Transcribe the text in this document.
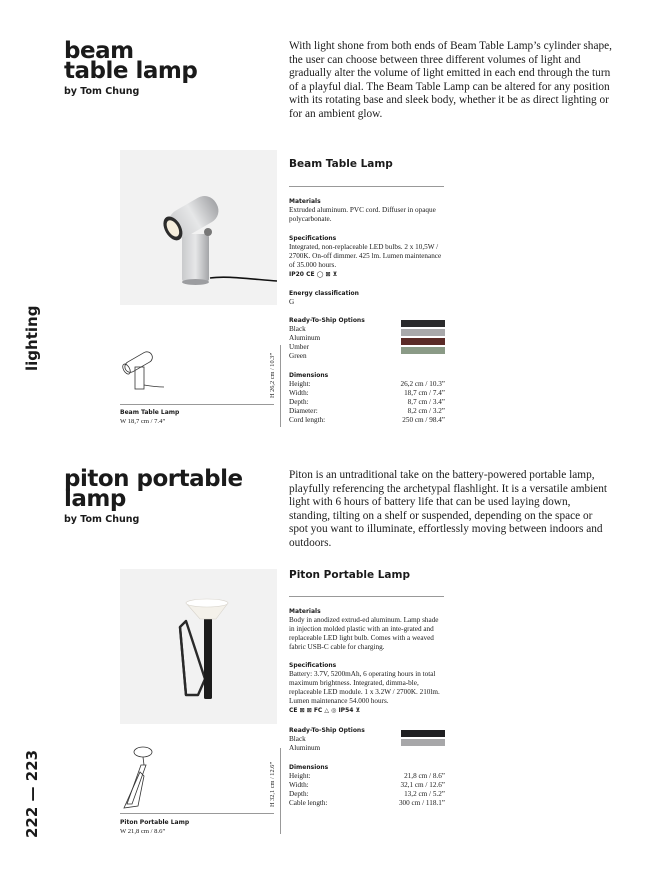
lighting
222 — 223
beam
table lamp
by Tom Chung

With light shone from both ends of Beam Table Lamp’s cylinder shape, the user can choose between three different volumes of light and gradually alter the volume of light emitted in each end through the turn of a playful dial. The Beam Table Lamp can be altered for any position with its rotating base and sleek body, whether it be as direct lighting or for an ambient glow.

H 26,2 cm / 10.3”
Beam Table Lamp
W 18,7 cm / 7.4”
Beam Table Lamp
Materials
Extruded aluminum. PVC cord. Diffuser in opaque polycarbonate.
Specifications
Integrated, non-replaceable LED bulbs. 2 x 10,5W / 2700K. On-off dimmer. 425 lm. Lumen maintenance of 35.000 hours.
IP20 CE ◯ ⊠ ⊻
Energy classification
G
Ready-To-Ship Options
Black
Aluminum
Umber
Green
Dimensions
Height:	26,2 cm / 10.3”
Width:	18,7 cm / 7.4”
Depth:	8,7 cm / 3.4”
Diameter:	8,2 cm / 3.2”
Cord length:	250 cm / 98.4”
piton portable
lamp
by Tom Chung

Piton is an untraditional take on the battery-powered portable lamp, playfully referencing the archetypal flashlight. It is a versatile ambient light with 6 hours of battery life that can be used laying down, standing, tilting on a shelf or suspended, depending on the space or spot you want to illuminate, effortlessly moving between indoors and outdoors.

H 32,1 cm / 12.6”
Piton Portable Lamp
W 21,8 cm / 8.6”
Piton Portable Lamp
Materials
Body in anodized extrud-ed aluminum. Lamp shade in injection molded plastic with an inte-grated and replaceable LED light bulb. Comes with a weaved fabric USB-C cable for charging.
Specifications
Battery: 3.7V, 5200mAh, 6 operating hours in total maximum brightness. Integrated, dimma-ble, replaceable LED module. 1 x 3.2W / 2700K. 210lm. Lumen maintenance 54.000 hours.
CE ⊠ ⊠ FC △ ◎ IP54 ⊻
Ready-To-Ship Options
Black
Aluminum
Dimensions
Height:	21,8 cm / 8.6”
Width:	32,1 cm / 12.6”
Depth:	13,2 cm / 5.2”
Cable length:	300 cm / 118.1”
